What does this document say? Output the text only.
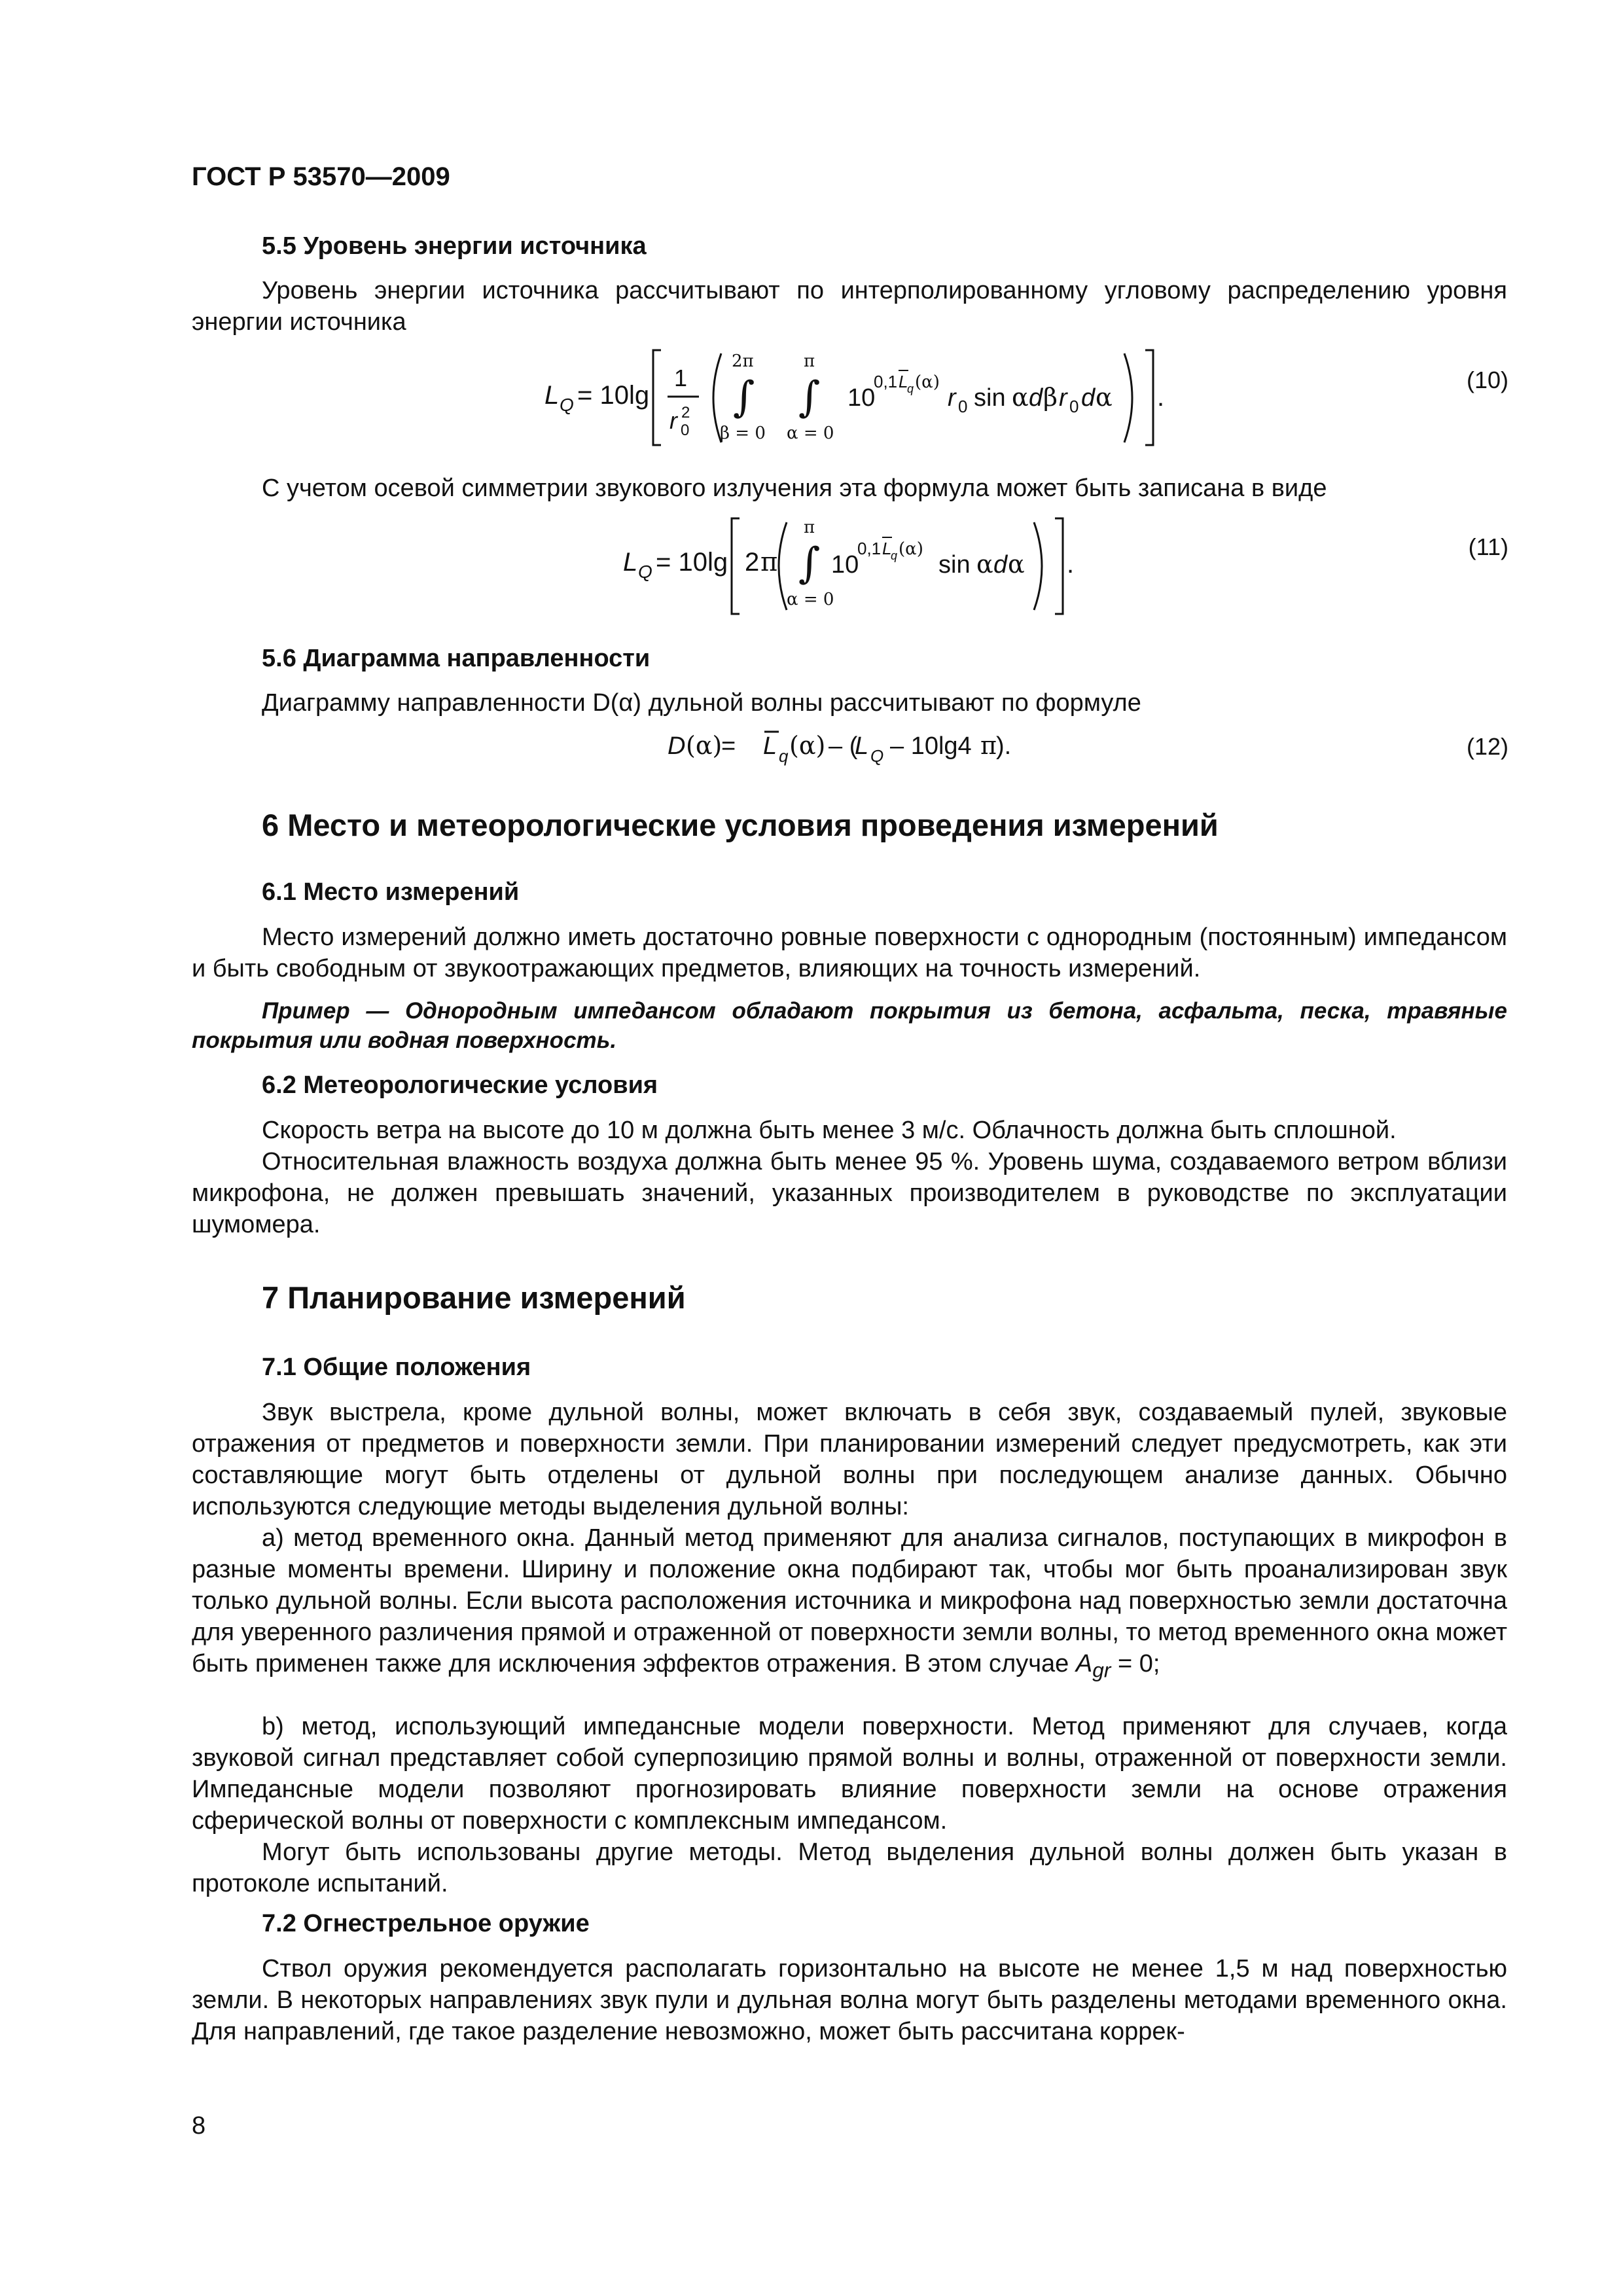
ГОСТ Р 53570—2009
5.5 Уровень энергии источника
Уровень энергии источника рассчитывают по интерполированному угловому распределению уровня энергии источника
L Q = 10lg
1
r 0
2
2π
∫
β = 0
π
∫
α = 0
10
0,1 L
q (α)
r 0 sin α d β r 0 d α .
(10)
С учетом осевой симметрии звукового излучения эта формула может быть записана в виде
L Q = 10lg 2 π
π
∫
α = 0
10
0,1 L
q (α)
sin α d α .
(11)
5.6 Диаграмма направленности
Диаграмму направленности D(α) дульной волны рассчитывают по формуле
D (α)
= L q (α) – (
L Q – 10lg4 π ).	(12)
6 Место и метеорологические условия проведения измерений
6.1 Место измерений
Место измерений должно иметь достаточно ровные поверхности с однородным (постоянным) импедансом и быть свободным от звукоотражающих предметов, влияющих на точность измерений.
Пример — Однородным импедансом обладают покрытия из бетона, асфальта, песка, травяные покрытия или водная поверхность.
6.2 Метеорологические условия
Скорость ветра на высоте до 10 м должна быть менее 3 м/с. Облачность должна быть сплошной.
Относительная влажность воздуха должна быть менее 95 %. Уровень шума, создаваемого ветром вблизи микрофона, не должен превышать значений, указанных производителем в руководстве по эксплуатации шумомера.
7 Планирование измерений
7.1 Общие положения
Звук выстрела, кроме дульной волны, может включать в себя звук, создаваемый пулей, звуковые отражения от предметов и поверхности земли. При планировании измерений следует предусмотреть, как эти составляющие могут быть отделены от дульной волны при последующем анализе данных. Обычно используются следующие методы выделения дульной волны:
a) метод временного окна. Данный метод применяют для анализа сигналов, поступающих в микрофон в разные моменты времени. Ширину и положение окна подбирают так, чтобы мог быть проанализирован звук только дульной волны. Если высота расположения источника и микрофона над поверхностью земли достаточна для уверенного различения прямой и отраженной от поверхности земли волны, то метод временного окна может быть применен также для исключения эффектов отражения. В этом случае $A_{gr} = 0$;
b) метод, использующий импедансные модели поверхности. Метод применяют для случаев, когда звуковой сигнал представляет собой суперпозицию прямой волны и волны, отраженной от поверхности земли. Импедансные модели позволяют прогнозировать влияние поверхности земли на основе отражения сферической волны от поверхности с комплексным импедансом.
Могут быть использованы другие методы. Метод выделения дульной волны должен быть указан в протоколе испытаний.
7.2 Огнестрельное оружие
Ствол оружия рекомендуется располагать горизонтально на высоте не менее 1,5 м над поверхностью земли. В некоторых направлениях звук пули и дульная волна могут быть разделены методами временного окна. Для направлений, где такое разделение невозможно, может быть рассчитана коррек-
8
